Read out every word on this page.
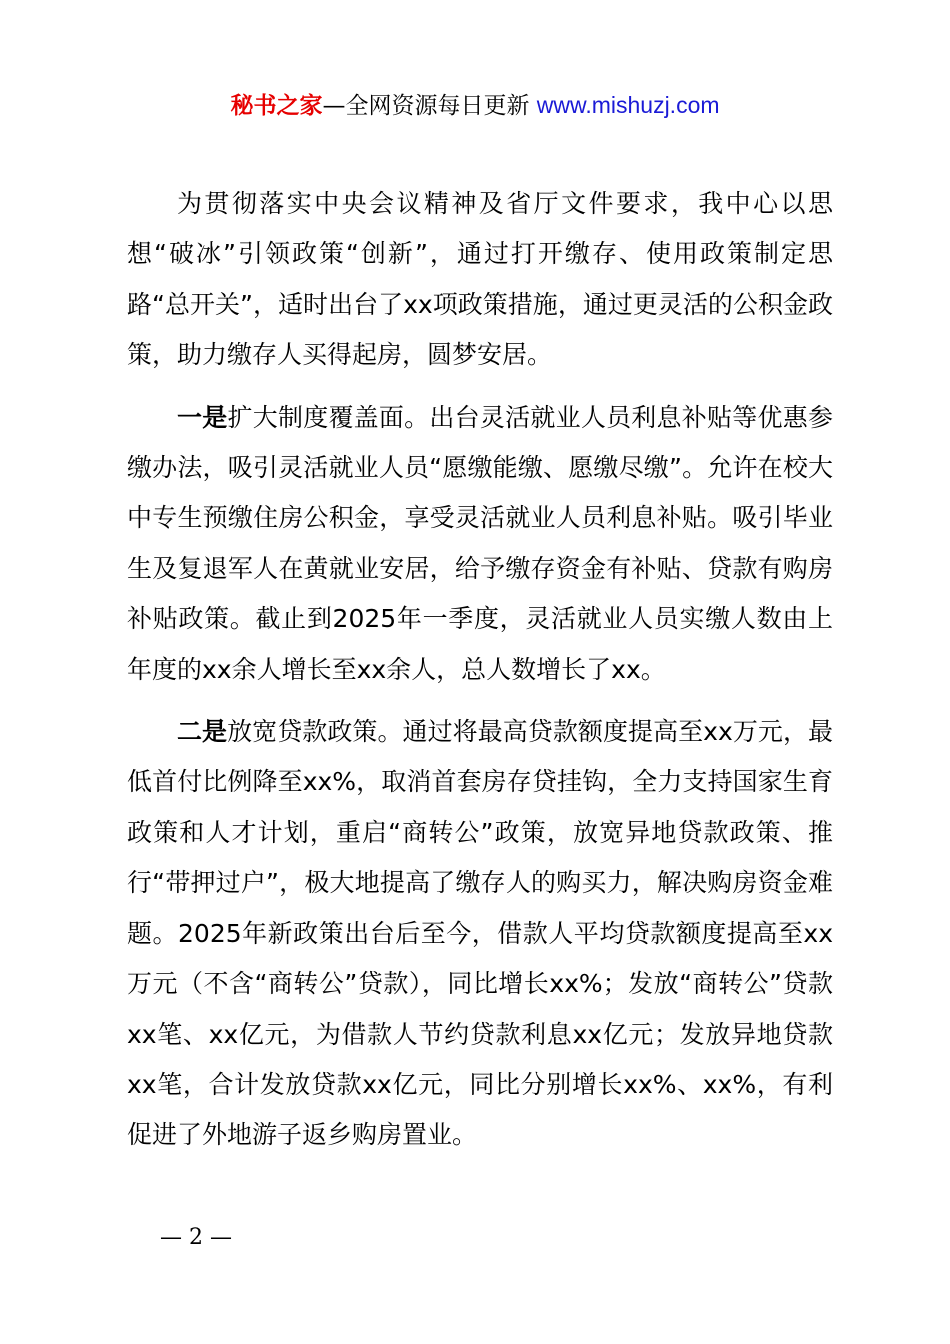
秘书之家—全网资源每日更新 www.mishuzj.com

为贯彻落实中央会议精神及省厅文件要求，我中心以思想“破冰”引领政策“创新”，通过打开缴存、使用政策制定思路“总开关”，适时出台了xx项政策措施，通过更灵活的公积金政策，助力缴存人买得起房，圆梦安居。

一是扩大制度覆盖面。出台灵活就业人员利息补贴等优惠参缴办法，吸引灵活就业人员“愿缴能缴、愿缴尽缴”。允许在校大中专生预缴住房公积金，享受灵活就业人员利息补贴。吸引毕业生及复退军人在黄就业安居，给予缴存资金有补贴、贷款有购房补贴政策。截止到2025年一季度，灵活就业人员实缴人数由上年度的xx余人增长至xx余人，总人数增长了xx。

二是放宽贷款政策。通过将最高贷款额度提高至xx万元，最低首付比例降至xx%，取消首套房存贷挂钩，全力支持国家生育政策和人才计划，重启“商转公”政策，放宽异地贷款政策、推行“带押过户”，极大地提高了缴存人的购买力，解决购房资金难题。2025年新政策出台后至今，借款人平均贷款额度提高至xx万元（不含“商转公”贷款），同比增长xx%；发放“商转公”贷款xx笔、xx亿元，为借款人节约贷款利息xx亿元；发放异地贷款xx笔，合计发放贷款xx亿元，同比分别增长xx%、xx%，有利促进了外地游子返乡购房置业。

— 2 —
